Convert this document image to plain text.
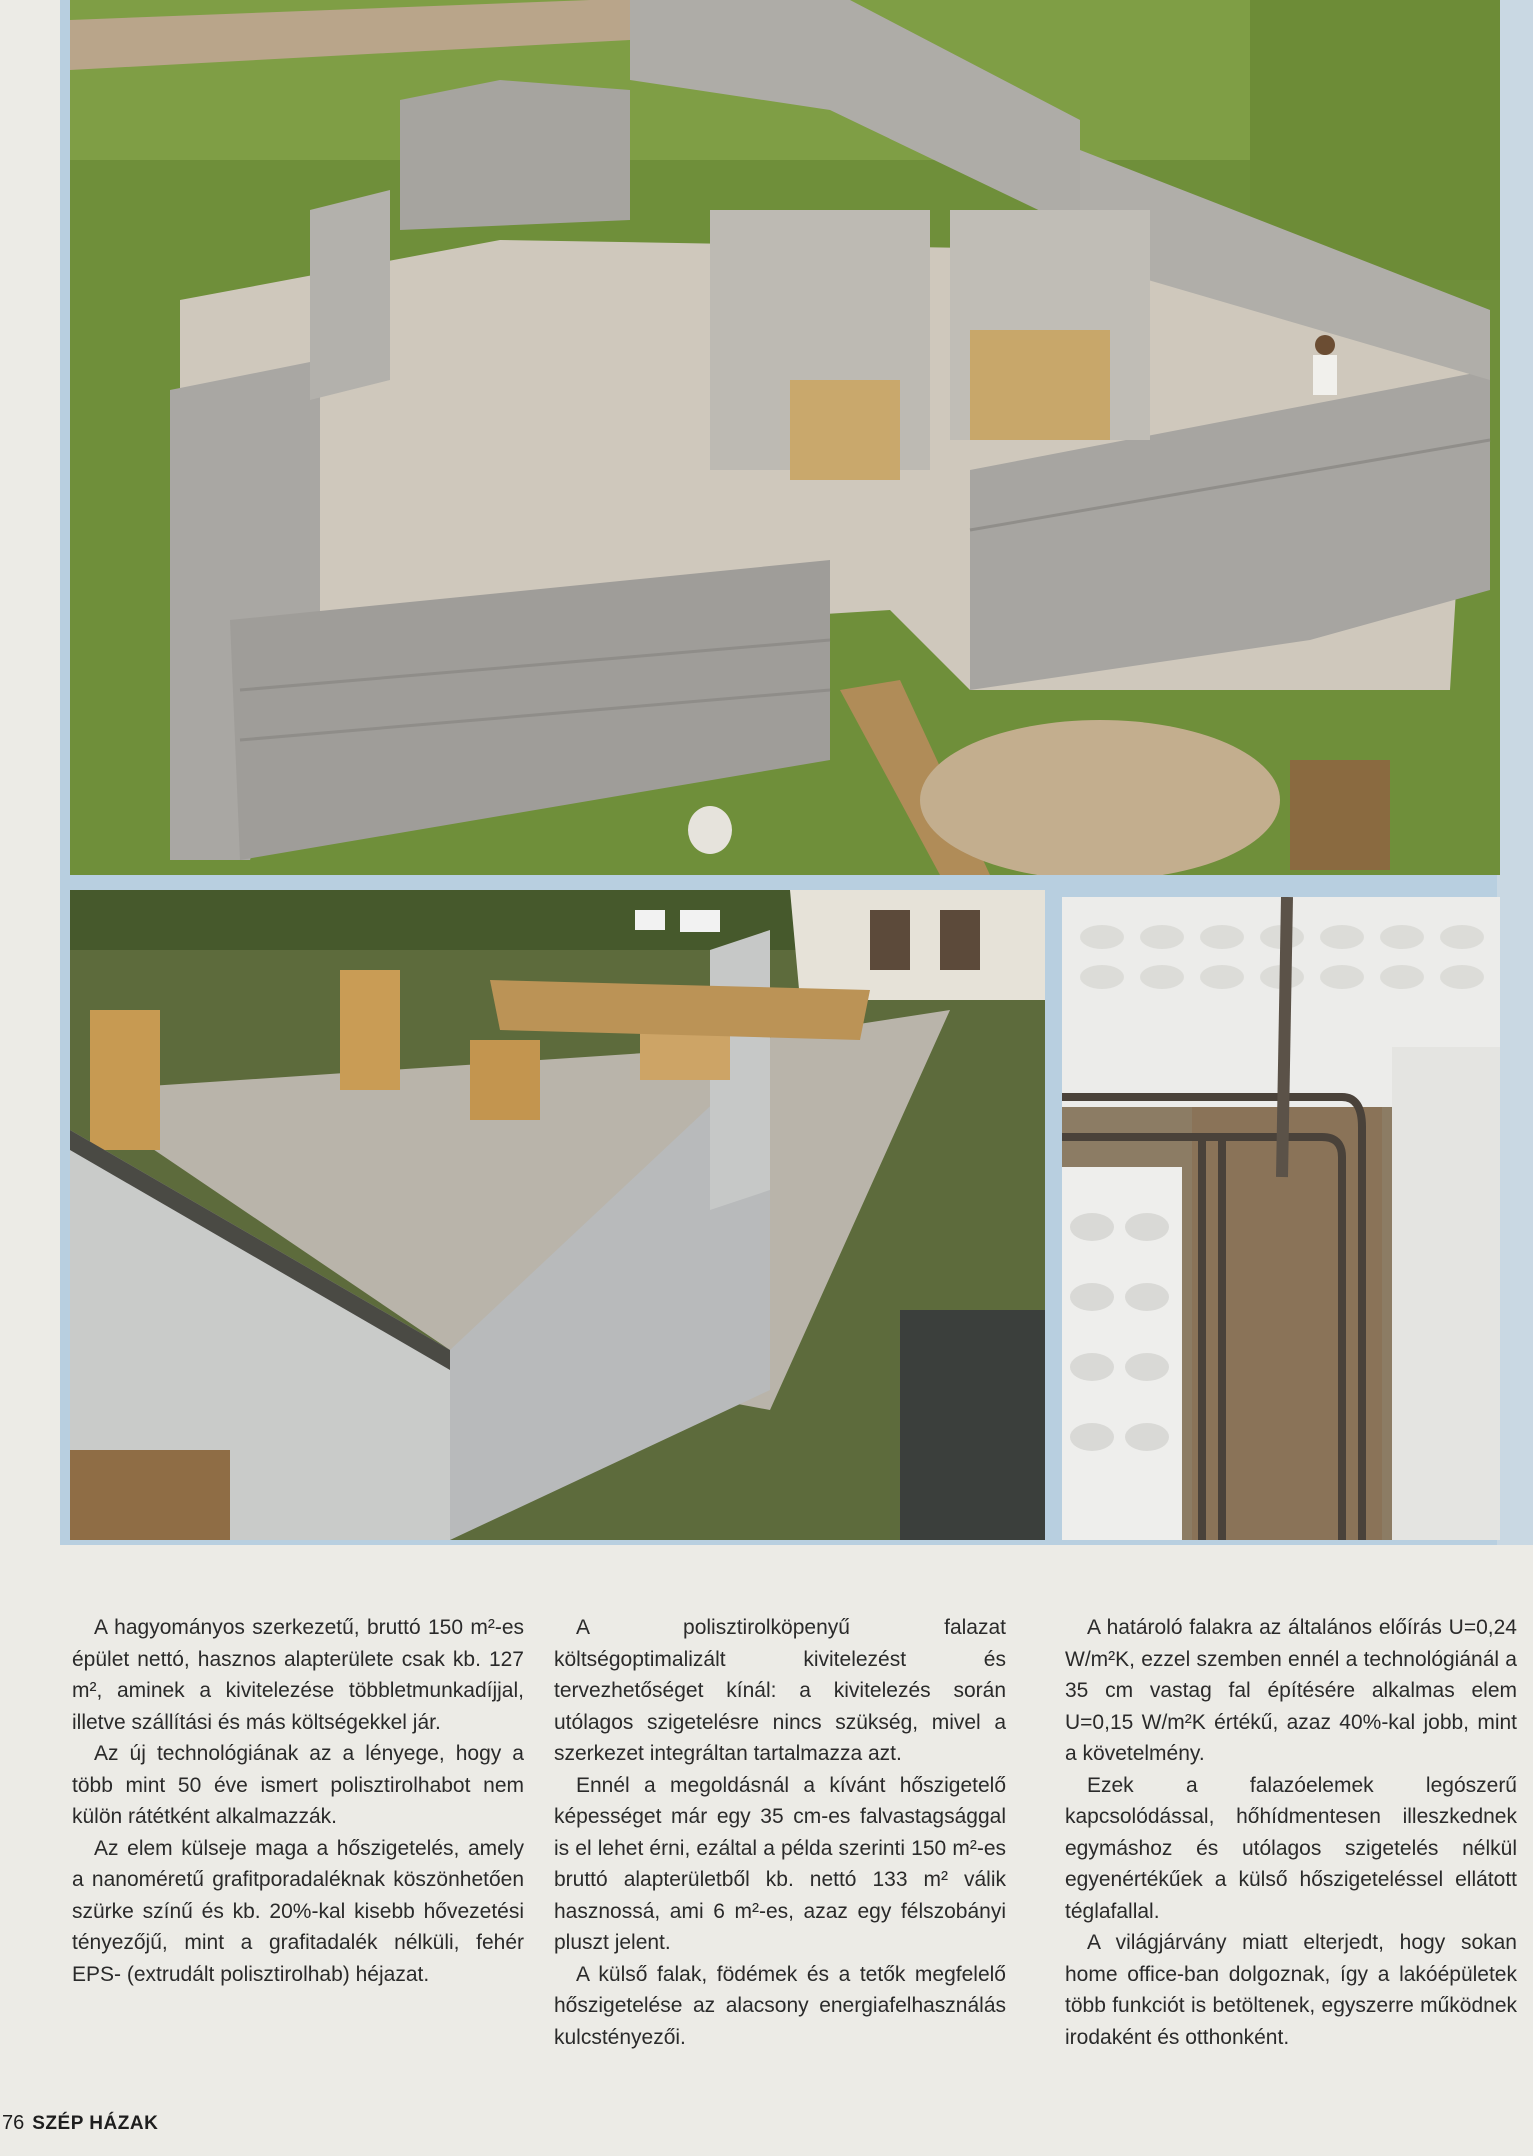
A hagyományos szerkezetű, bruttó 150 m²-es épület nettó, hasznos alapterülete csak kb. 127 m², aminek a kivitelezése többletmunkadíjjal, illetve szállítási és más költségekkel jár.

Az új technológiának az a lényege, hogy a több mint 50 éve ismert polisztirolhabot nem külön rátétként alkalmazzák.

Az elem külseje maga a hőszigetelés, amely a nanoméretű grafitporadaléknak köszönhetően szürke színű és kb. 20%-kal kisebb hővezetési tényezőjű, mint a grafitadalék nélküli, fehér EPS- (extrudált polisztirolhab) héjazat.

A polisztirolköpenyű falazat költségoptimalizált kivitelezést és tervezhetőséget kínál: a kivitelezés során utólagos szigetelésre nincs szükség, mivel a szerkezet integráltan tartalmazza azt.

Ennél a megoldásnál a kívánt hőszigetelő képességet már egy 35 cm-es falvastagsággal is el lehet érni, ezáltal a példa szerinti 150 m²-es bruttó alapterületből kb. nettó 133 m² válik hasznossá, ami 6 m²-es, azaz egy félszobányi pluszt jelent.

A külső falak, födémek és a tetők megfelelő hőszigetelése az alacsony energiafelhasználás kulcstényezői.

A határoló falakra az általános előírás U=0,24 W/m²K, ezzel szemben ennél a technológiánál a 35 cm vastag fal építésére alkalmas elem U=0,15 W/m²K értékű, azaz 40%-kal jobb, mint a követelmény.

Ezek a falazóelemek legószerű kapcsolódással, hőhídmentesen illeszkednek egymáshoz és utólagos szigetelés nélkül egyenértékűek a külső hőszigeteléssel ellátott téglafallal.

A világjárvány miatt elterjedt, hogy sokan home office-ban dolgoznak, így a lakóépületek több funkciót is betöltenek, egyszerre működnek irodaként és otthonként.

76 SZÉP HÁZAK
